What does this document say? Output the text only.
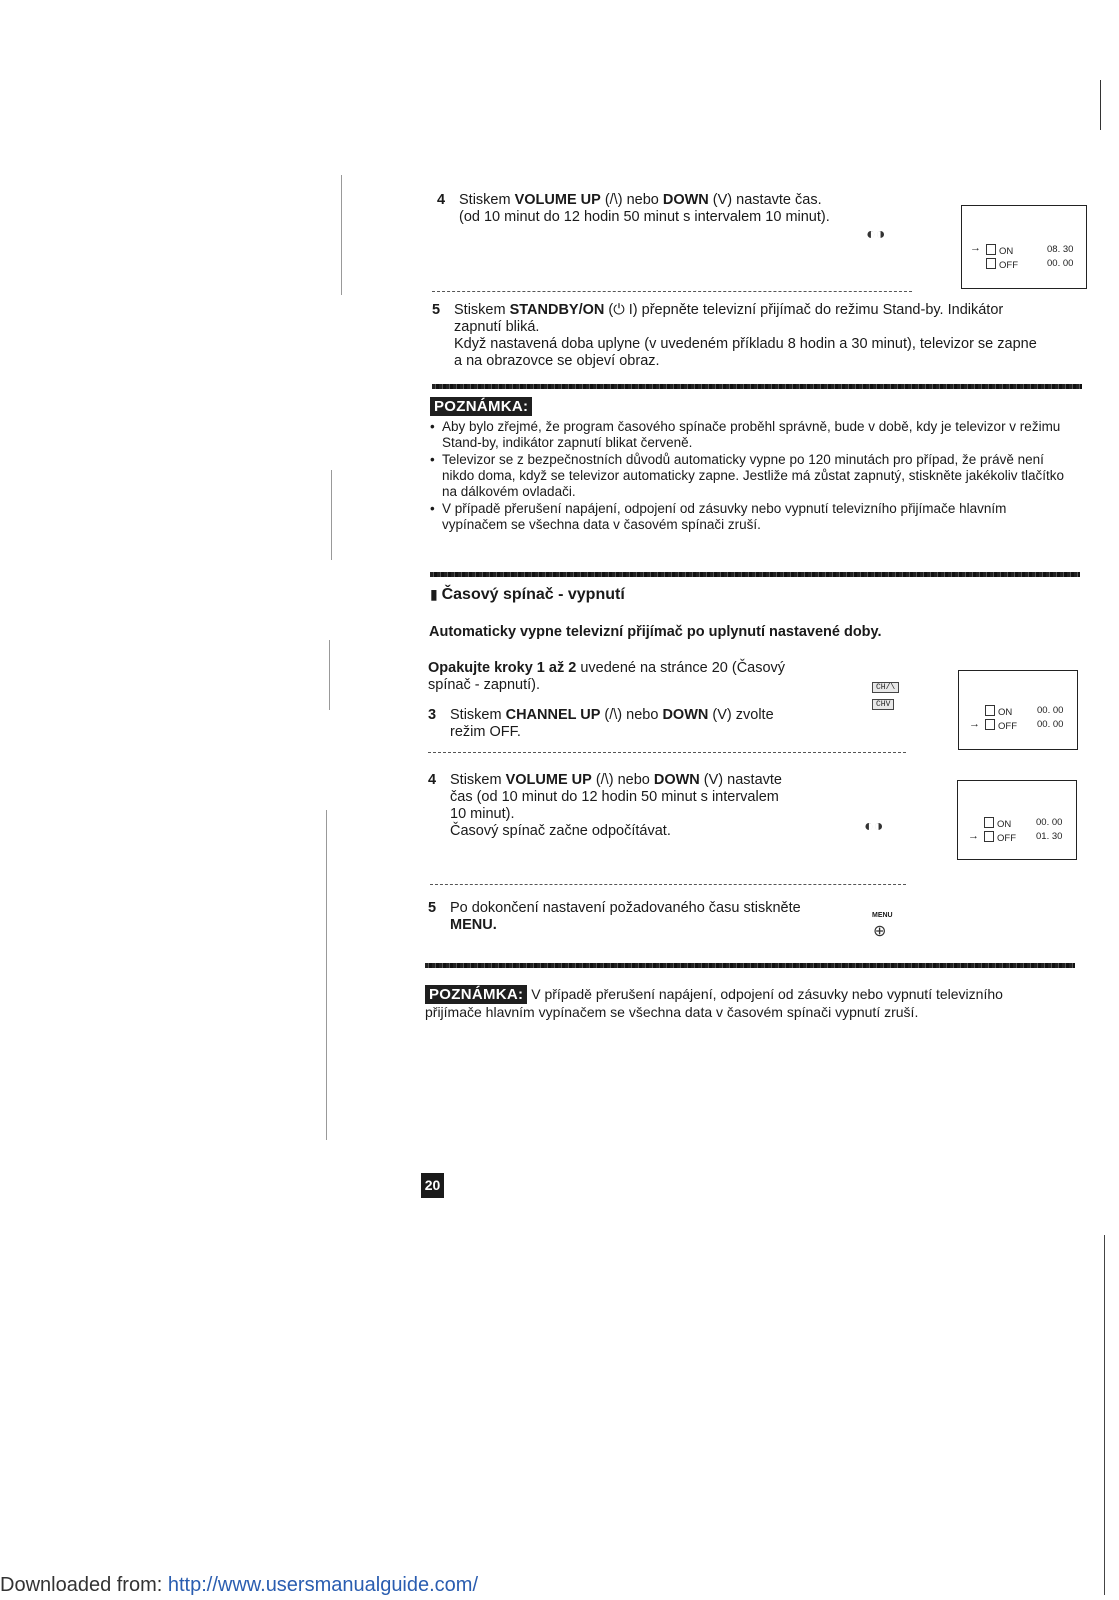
4 Stiskem VOLUME UP (/\) nebo DOWN (V) nastavte čas.
(od 10 minut do 12 hodin 50 minut s intervalem 10 minut).
◐◑
→	ON	08. 30
OFF	00. 00
5 Stiskem STANDBY/ON (⏻ I) přepněte televizní přijímač do režimu Stand-by. Indikátor
zapnutí bliká.
Když nastavená doba uplyne (v uvedeném příkladu 8 hodin a 30 minut), televizor se zapne
a na obrazovce se objeví obraz.
POZNÁMKA:
• Aby bylo zřejmé, že program časového spínače proběhl správně, bude v době, kdy je televizor v režimu Stand-by, indikátor zapnutí blikat červeně.
• Televizor se z bezpečnostních důvodů automaticky vypne po 120 minutách pro případ, že právě není nikdo doma, když se televizor automaticky zapne. Jestliže má zůstat zapnutý, stiskněte jakékoliv tlačítko na dálkovém ovladači.
• V případě přerušení napájení, odpojení od zásuvky nebo vypnutí televizního přijímače hlavním vypínačem se všechna data v časovém spínači zruší.
▮ Časový spínač - vypnutí
Automaticky vypne televizní přijímač po uplynutí nastavené doby.
Opakujte kroky 1 až 2 uvedené na stránce 20 (Časový
spínač - zapnutí).	CH/\
CHV
3 Stiskem CHANNEL UP (/\) nebo DOWN (V) zvolte
režim OFF.
ON	00. 00
→	OFF 00. 00
4 Stiskem VOLUME UP (/\) nebo DOWN (V) nastavte
čas (od 10 minut do 12 hodin 50 minut s intervalem
10 minut).
Časový spínač začne odpočítávat.	◐◑	ON	00. 00
→	OFF 01. 30
5 Po dokončení nastavení požadovaného času stiskněte
MENU.
MENU
⊕
POZNÁMKA: V případě přerušení napájení, odpojení od zásuvky nebo vypnutí televizního
přijímače hlavním vypínačem se všechna data v časovém spínači vypnutí zruší.
20
Downloaded from: http://www.usersmanualguide.com/
